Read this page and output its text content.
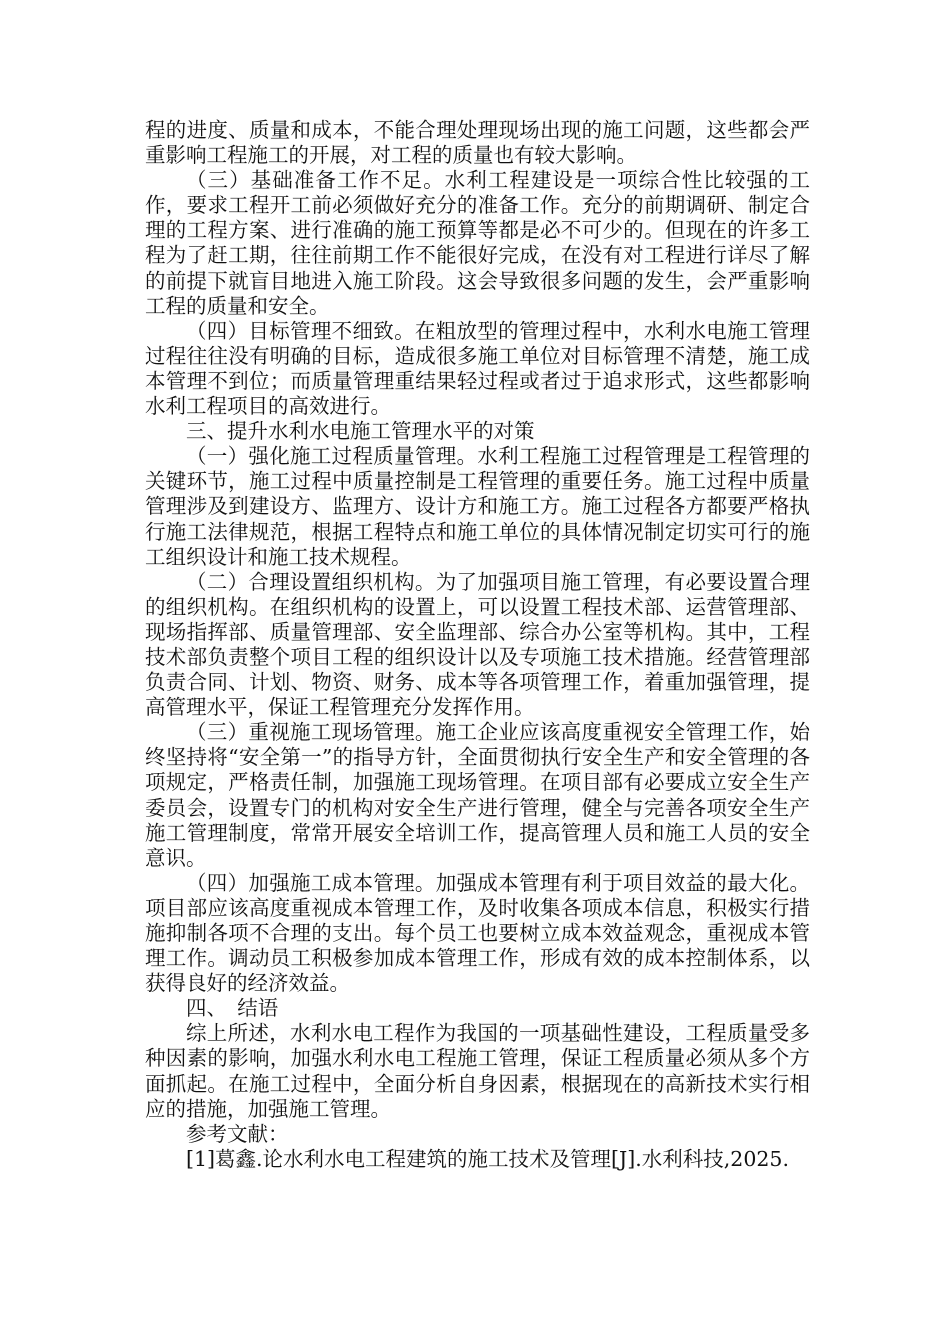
程的进度、质量和成本，不能合理处理现场出现的施工问题，这些都会严重影响工程施工的开展，对工程的质量也有较大影响。

（三）基础准备工作不足。水利工程建设是一项综合性比较强的工作，要求工程开工前必须做好充分的准备工作。充分的前期调研、制定合理的工程方案、进行准确的施工预算等都是必不可少的。但现在的许多工程为了赶工期，往往前期工作不能很好完成，在没有对工程进行详尽了解的前提下就盲目地进入施工阶段。这会导致很多问题的发生，会严重影响工程的质量和安全。

（四）目标管理不细致。在粗放型的管理过程中，水利水电施工管理过程往往没有明确的目标，造成很多施工单位对目标管理不清楚，施工成本管理不到位；而质量管理重结果轻过程或者过于追求形式，这些都影响水利工程项目的高效进行。

三、提升水利水电施工管理水平的对策

（一）强化施工过程质量管理。水利工程施工过程管理是工程管理的关键环节，施工过程中质量控制是工程管理的重要任务。施工过程中质量管理涉及到建设方、监理方、设计方和施工方。施工过程各方都要严格执行施工法律规范，根据工程特点和施工单位的具体情况制定切实可行的施工组织设计和施工技术规程。

（二）合理设置组织机构。为了加强项目施工管理，有必要设置合理的组织机构。在组织机构的设置上，可以设置工程技术部、运营管理部、现场指挥部、质量管理部、安全监理部、综合办公室等机构。其中，工程技术部负责整个项目工程的组织设计以及专项施工技术措施。经营管理部负责合同、计划、物资、财务、成本等各项管理工作，着重加强管理，提高管理水平，保证工程管理充分发挥作用。

（三）重视施工现场管理。施工企业应该高度重视安全管理工作，始终坚持将“安全第一”的指导方针，全面贯彻执行安全生产和安全管理的各项规定，严格责任制，加强施工现场管理。在项目部有必要成立安全生产委员会，设置专门的机构对安全生产进行管理，健全与完善各项安全生产施工管理制度，常常开展安全培训工作，提高管理人员和施工人员的安全意识。

（四）加强施工成本管理。加强成本管理有利于项目效益的最大化。项目部应该高度重视成本管理工作，及时收集各项成本信息，积极实行措施抑制各项不合理的支出。每个员工也要树立成本效益观念，重视成本管理工作。调动员工积极参加成本管理工作，形成有效的成本控制体系，以获得良好的经济效益。

四、　结语

综上所述，水利水电工程作为我国的一项基础性建设，工程质量受多种因素的影响，加强水利水电工程施工管理，保证工程质量必须从多个方面抓起。在施工过程中，全面分析自身因素，根据现在的高新技术实行相应的措施，加强施工管理。

参考文献：

[1]葛鑫.论水利水电工程建筑的施工技术及管理[J].水利科技,2025.
